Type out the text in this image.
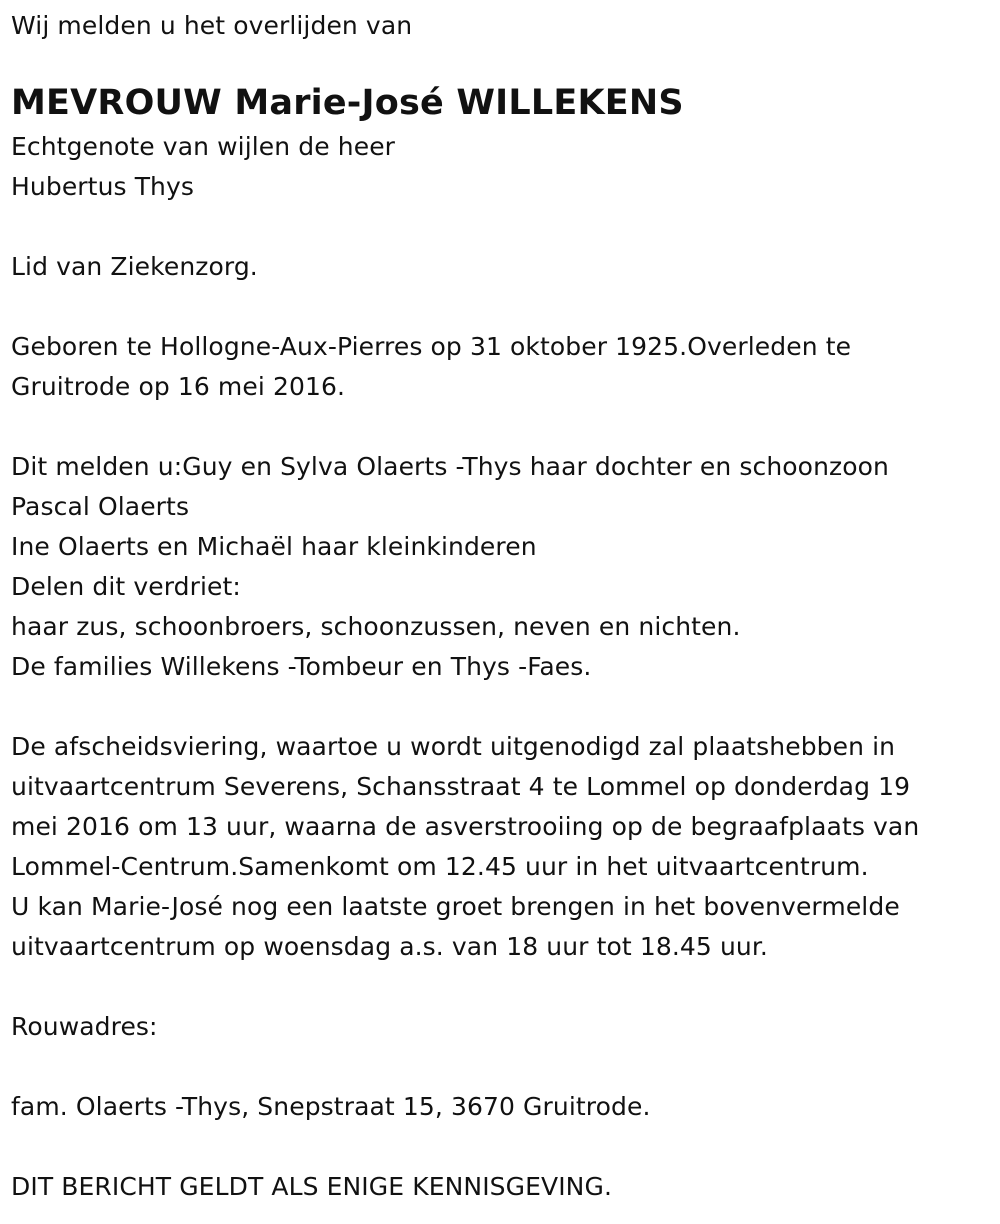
Wij melden u het overlijden van
MEVROUW Marie-José WILLEKENS
Echtgenote van wijlen de heer
Hubertus Thys
Lid van Ziekenzorg.
Geboren te Hollogne-Aux-Pierres op 31 oktober 1925.Overleden te
Gruitrode op 16 mei 2016.
Dit melden u:Guy en Sylva Olaerts -Thys haar dochter en schoonzoon
Pascal Olaerts
Ine Olaerts en Michaël haar kleinkinderen
Delen dit verdriet:
haar zus, schoonbroers, schoonzussen, neven en nichten.
De families Willekens -Tombeur en Thys -Faes.
De afscheidsviering, waartoe u wordt uitgenodigd zal plaatshebben in
uitvaartcentrum Severens, Schansstraat 4 te Lommel op donderdag 19
mei 2016 om 13 uur, waarna de asverstrooiing op de begraafplaats van
Lommel-Centrum.Samenkomt om 12.45 uur in het uitvaartcentrum.
U kan Marie-José nog een laatste groet brengen in het bovenvermelde
uitvaartcentrum op woensdag a.s. van 18 uur tot 18.45 uur.
Rouwadres:
fam. Olaerts -Thys, Snepstraat 15, 3670 Gruitrode.
DIT BERICHT GELDT ALS ENIGE KENNISGEVING.
